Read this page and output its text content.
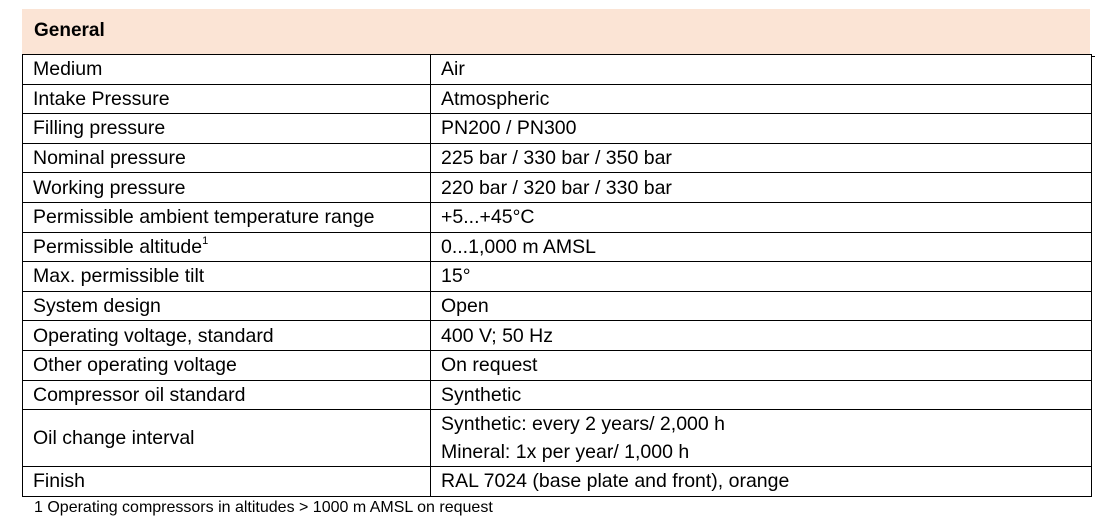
General
Medium	Air

Intake Pressure	Atmospheric

Filling pressure	PN200 / PN300

Nominal pressure	225 bar / 330 bar / 350 bar

Working pressure	220 bar / 320 bar / 330 bar

Permissible ambient temperature range	+5...+45°C

Permissible altitude$^1$	0...1,000 m AMSL

Max. permissible tilt	15°

System design	Open

Operating voltage, standard	400 V; 50 Hz

Other operating voltage	On request

Compressor oil standard	Synthetic

Oil change interval	Synthetic: every 2 years/ 2,000 h
Mineral: 1x per year/ 1,000 h

Finish	RAL 7024 (base plate and front), orange
1 Operating compressors in altitudes > 1000 m AMSL on request
